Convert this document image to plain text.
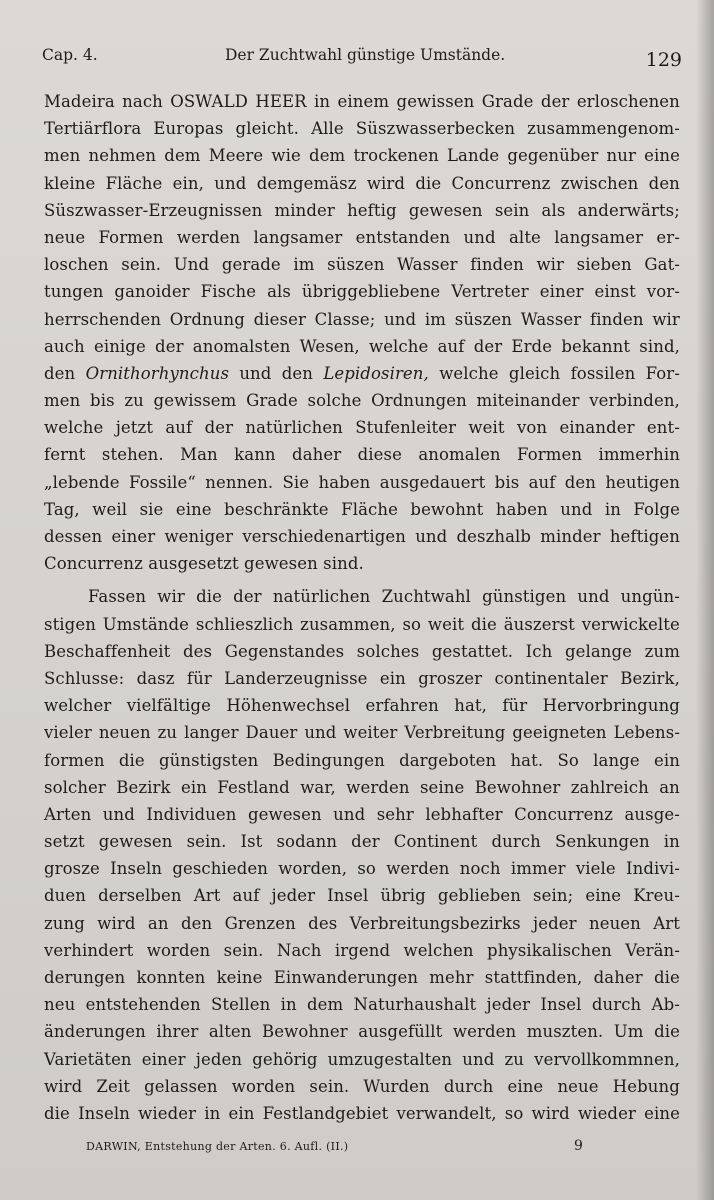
Cap. 4.	Der Zuchtwahl günstige Umstände.	129
Madeira nach OSWALD HEER in einem gewissen Grade der erloschenen
Tertiärflora Europas gleicht. Alle Süszwasserbecken zusammengenom-
men nehmen dem Meere wie dem trockenen Lande gegenüber nur eine
kleine Fläche ein, und demgemäsz wird die Concurrenz zwischen den
Süszwasser-Erzeugnissen minder heftig gewesen sein als anderwärts;
neue Formen werden langsamer entstanden und alte langsamer er-
loschen sein. Und gerade im süszen Wasser finden wir sieben Gat-
tungen ganoider Fische als übriggebliebene Vertreter einer einst vor-
herrschenden Ordnung dieser Classe; und im süszen Wasser finden wir
auch einige der anomalsten Wesen, welche auf der Erde bekannt sind,
den Ornithorhynchus und den Lepidosiren, welche gleich fossilen For-
men bis zu gewissem Grade solche Ordnungen miteinander verbinden,
welche jetzt auf der natürlichen Stufenleiter weit von einander ent-
fernt stehen. Man kann daher diese anomalen Formen immerhin
„lebende Fossile“ nennen. Sie haben ausgedauert bis auf den heutigen
Tag, weil sie eine beschränkte Fläche bewohnt haben und in Folge
dessen einer weniger verschiedenartigen und deszhalb minder heftigen
Concurrenz ausgesetzt gewesen sind.
Fassen wir die der natürlichen Zuchtwahl günstigen und ungün-
stigen Umstände schlieszlich zusammen, so weit die äuszerst verwickelte
Beschaffenheit des Gegenstandes solches gestattet. Ich gelange zum
Schlusse: dasz für Landerzeugnisse ein groszer continentaler Bezirk,
welcher vielfältige Höhenwechsel erfahren hat, für Hervorbringung
vieler neuen zu langer Dauer und weiter Verbreitung geeigneten Lebens-
formen die günstigsten Bedingungen dargeboten hat. So lange ein
solcher Bezirk ein Festland war, werden seine Bewohner zahlreich an
Arten und Individuen gewesen und sehr lebhafter Concurrenz ausge-
setzt gewesen sein. Ist sodann der Continent durch Senkungen in
grosze Inseln geschieden worden, so werden noch immer viele Indivi-
duen derselben Art auf jeder Insel übrig geblieben sein; eine Kreu-
zung wird an den Grenzen des Verbreitungsbezirks jeder neuen Art
verhindert worden sein. Nach irgend welchen physikalischen Verän-
derungen konnten keine Einwanderungen mehr stattfinden, daher die
neu entstehenden Stellen in dem Naturhaushalt jeder Insel durch Ab-
änderungen ihrer alten Bewohner ausgefüllt werden muszten. Um die
Varietäten einer jeden gehörig umzugestalten und zu vervollkommnen,
wird Zeit gelassen worden sein. Wurden durch eine neue Hebung
die Inseln wieder in ein Festlandgebiet verwandelt, so wird wieder eine
DARWIN, Entstehung der Arten. 6. Aufl. (II.)	9
